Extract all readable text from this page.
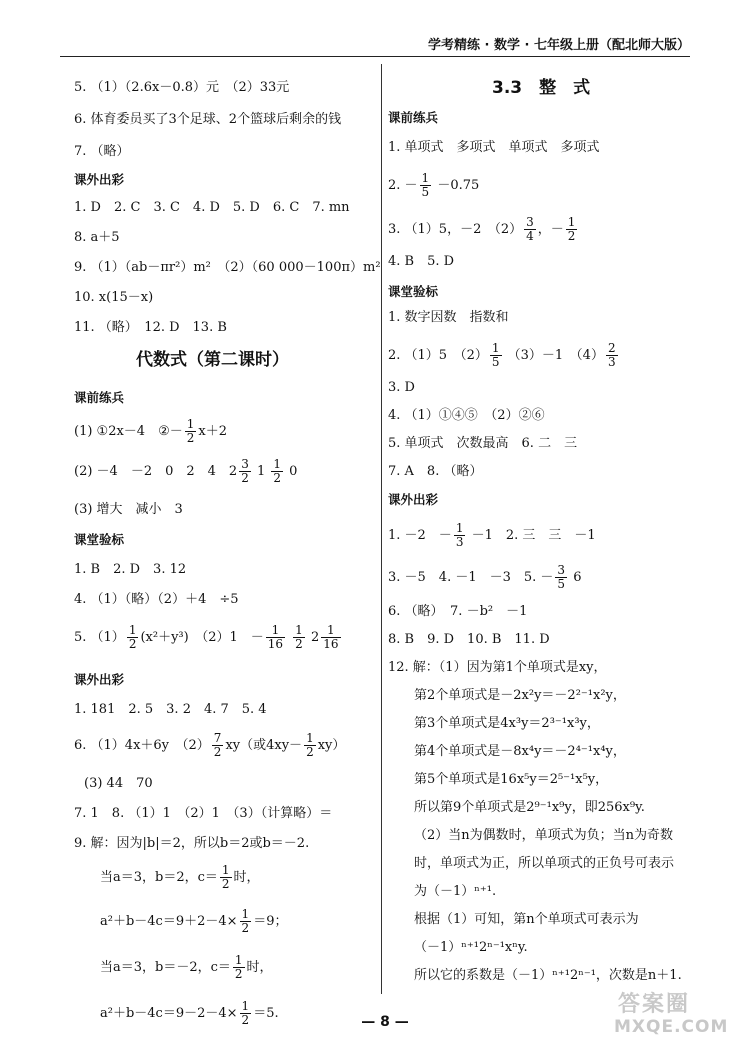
学考精练 · 数学 · 七年级上册（配北师大版）
5. （1）（2.6x－0.8）元　（2）33元
6. 体育委员买了3个足球、2个篮球后剩余的钱
7. （略）
课外出彩
1. D　2. C　3. C　4. D　5. D　6. C　7. mn
8. a＋5
9. （1）（ab－πr²）m²　（2）（60 000－100π）m²
10. x(15－x)
11. （略）　12. D　13. B
代数式（第二课时）
课前练兵
(1) ①2x－4　②－ $\frac{1}{2} x+2$
(2) －4　－2　0　2　4　$2 \frac{3}{2} 1 \frac{1}{2} 0$
(3) 增大　减小　3
课堂验标
1. B　2. D　3. 12
4. （1）（略）（2）＋4　÷5
5. $(1) \frac{1}{2} (x^2+y^3)$　（2）1　－ $\frac{1}{16}$
$\frac{1}{2} 2 \frac{1}{16}$
课外出彩
1. 181　2. 5　3. 2　4. 7　5. 4
6. （1）4x＋6y　$(2) \frac{7}{2} xy$（或$4xy- \frac{1}{2} xy$）
(3) 44　70
7. 1　8. （1）1　（2）1　（3）（计算略）＝
9. 解：因为|b|＝2，所以b＝2或b＝－2.
当a＝3，b＝2，$c= \frac{1}{2}$ 时，
$a^2+b-4c=9+2-4\times \frac{1}{2} =9$；
当a＝3，b＝－2，$c= \frac{1}{2}$ 时，
$a^2+b-4c=9-2-4\times \frac{1}{2} =5$.
3.3　整　式
课前练兵
1. 单项式　多项式　单项式　多项式
2. － $\frac{1}{5} -0.75$
3. （1）5，－2　$(2) \frac{3}{4}$ ，－ $\frac{1}{2}$
4. B　5. D
课堂验标
1. 数字因数　指数和
2. （1）5　$(2) \frac{1}{5} (3)-1$　$(4) \frac{2}{3}$
3. D
4. （1）①④⑤　（2）②⑥
5. 单项式　次数最高　6. 二　三
7. A　8. （略）
课外出彩
1. －2　－ $\frac{1}{3} -1$　2. 三　三　－1
3. －5　4. －1　－3　5. － $\frac{3}{5} 6$
6. （略）　7. －b²　－1
8. B　9. D　10. B　11. D
12. 解：（1）因为第1个单项式是xy，
第2个单项式是－2x²y＝－2²⁻¹x²y，
第3个单项式是4x³y＝2³⁻¹x³y，
第4个单项式是－8x⁴y＝－2⁴⁻¹x⁴y，
第5个单项式是16x⁵y＝2⁵⁻¹x⁵y，
所以第9个单项式是2⁹⁻¹x⁹y，即256x⁹y.
（2）当n为偶数时，单项式为负；当n为奇数
时，单项式为正，所以单项式的正负号可表示
为（－1）ⁿ⁺¹.
根据（1）可知，第n个单项式可表示为
（－1）ⁿ⁺¹2ⁿ⁻¹xⁿy.
所以它的系数是（－1）ⁿ⁺¹2ⁿ⁻¹，次数是n＋1.
— 8 —
答案圈
MXQE.COM
